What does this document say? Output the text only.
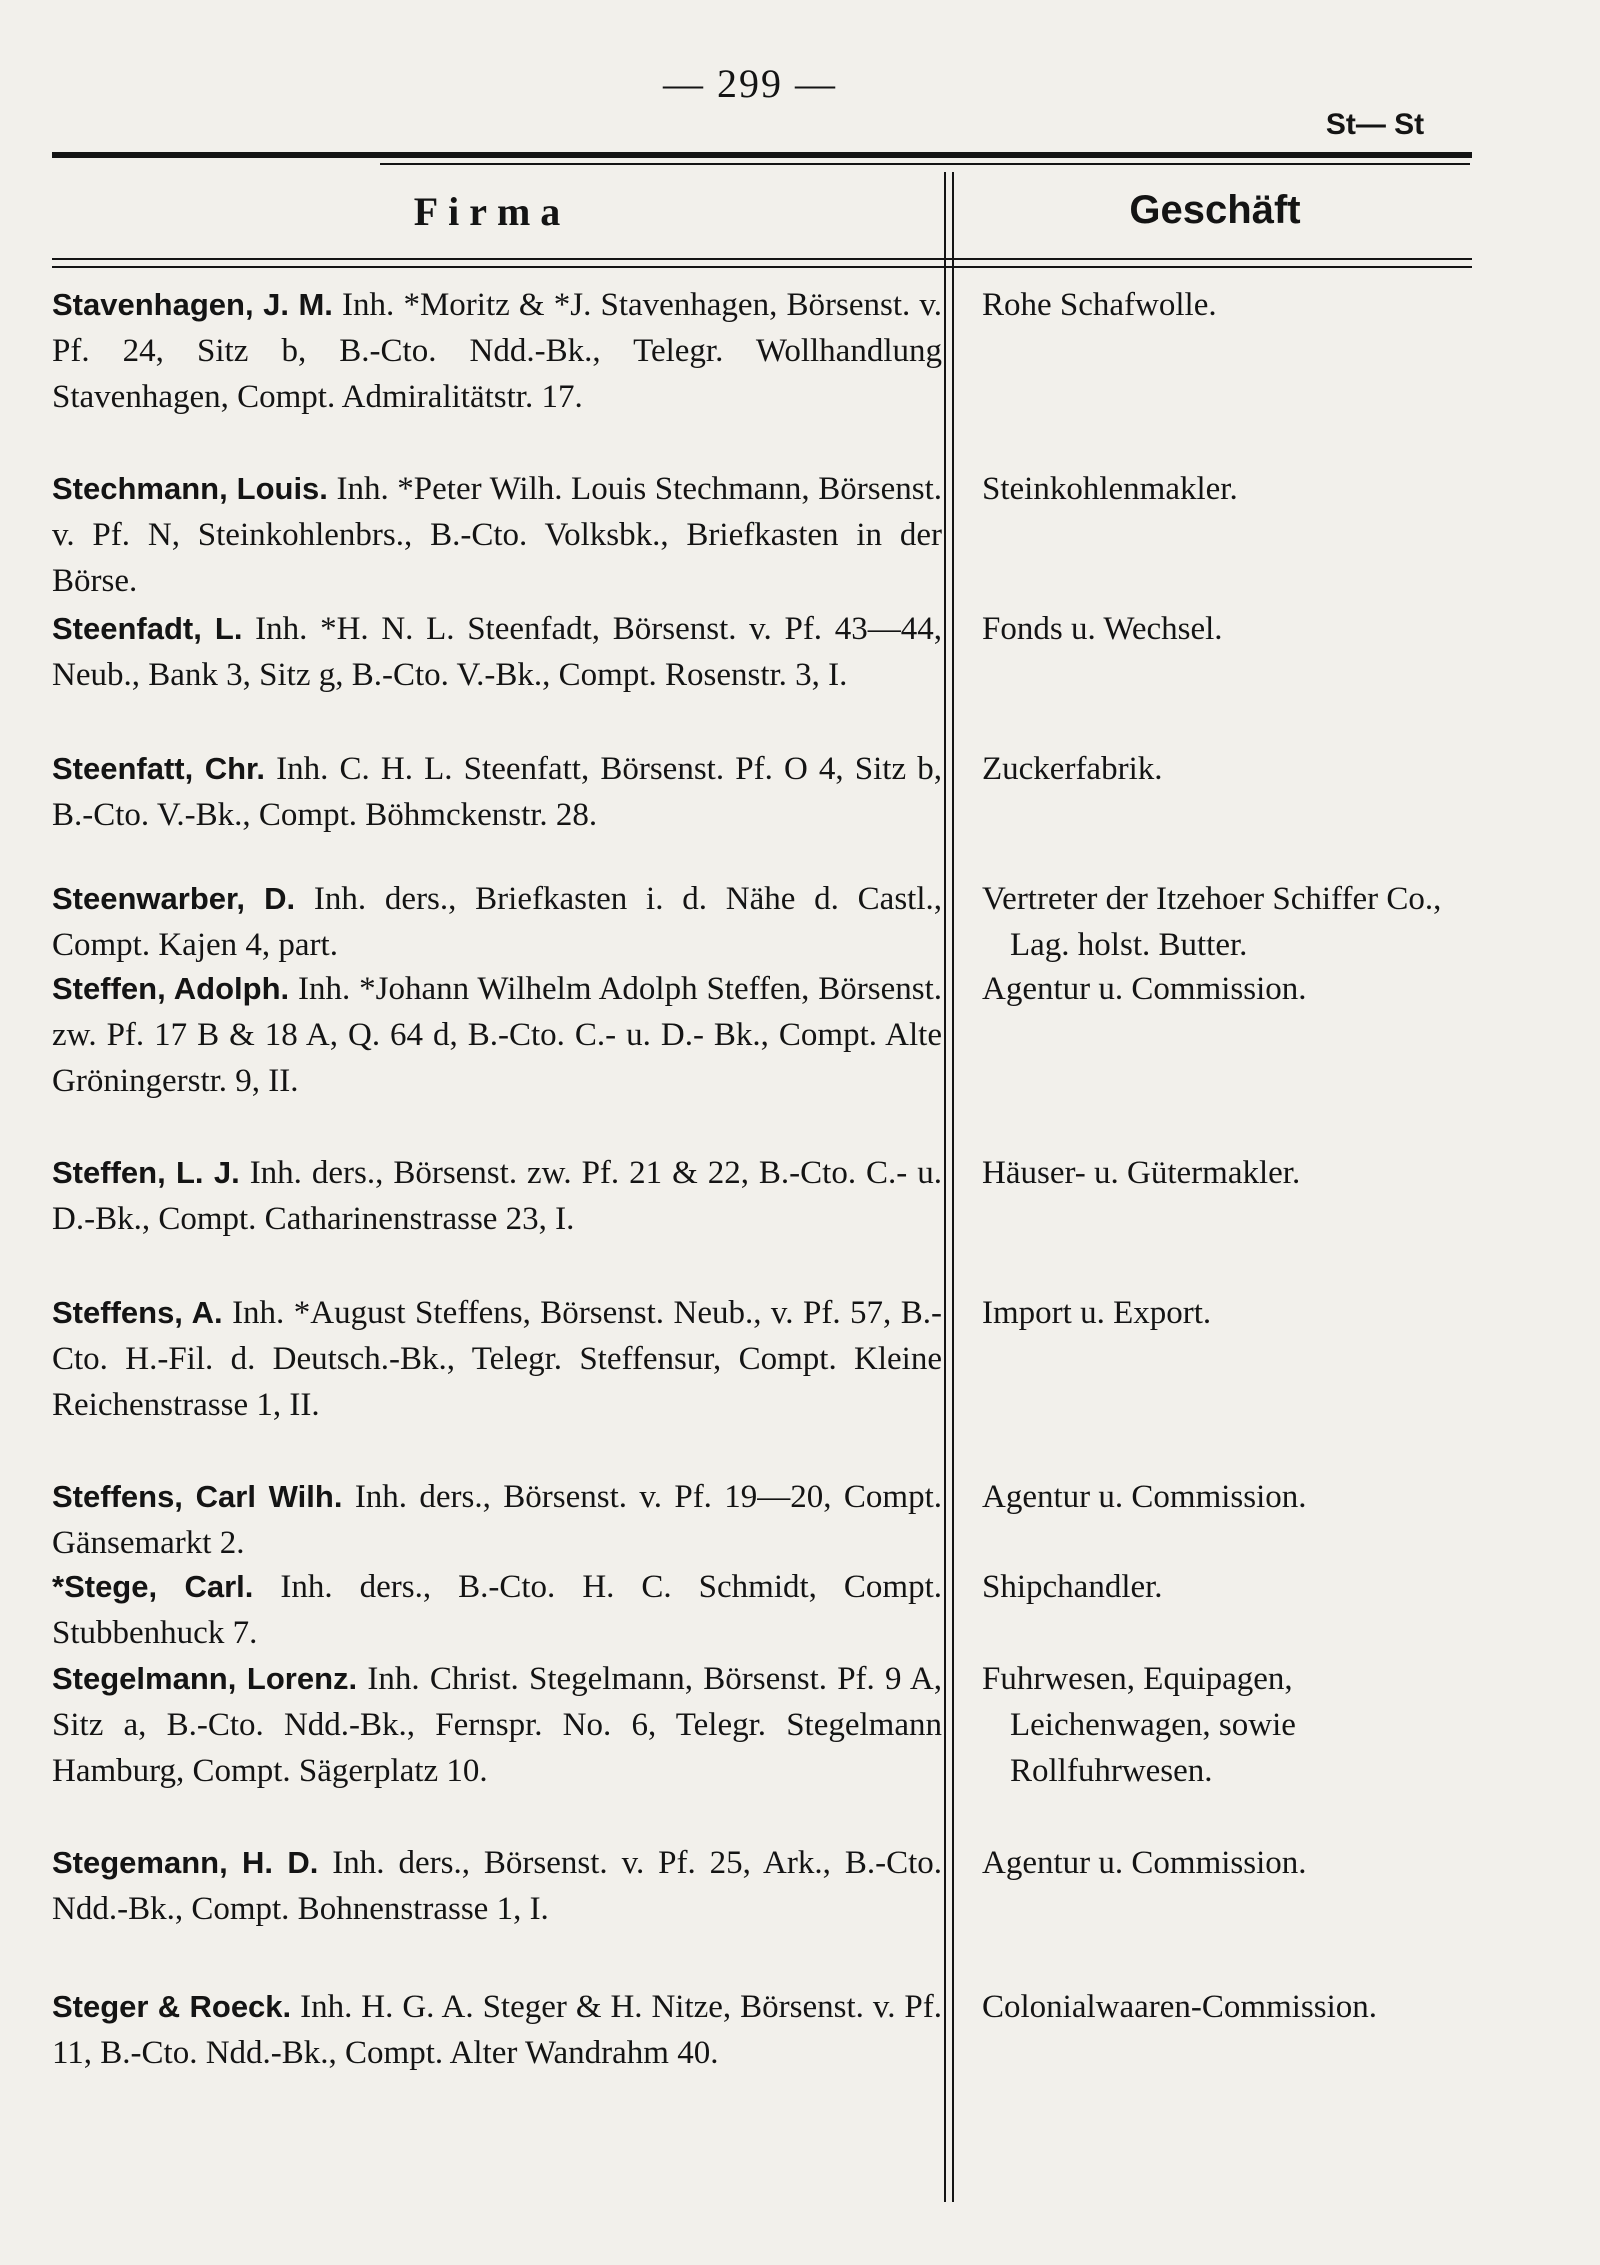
— 299 —
St— St
Firma	Geschäft
Stavenhagen, J. M. Inh. *Moritz & *J. Stavenhagen, Börsenst. v. Pf. 24, Sitz b, B.-Cto. Ndd.-Bk., Telegr. Wollhandlung Stavenhagen, Compt. Admiralitätstr. 17.
Rohe Schafwolle.
Stechmann, Louis. Inh. *Peter Wilh. Louis Stechmann, Börsenst. v. Pf. N, Steinkohlenbrs., B.-Cto. Volksbk., Briefkasten in der Börse.
Steinkohlenmakler.
Steenfadt, L. Inh. *H. N. L. Steenfadt, Börsenst. v. Pf. 43—44, Neub., Bank 3, Sitz g, B.-Cto. V.-Bk., Compt. Rosenstr. 3, I.
Fonds u. Wechsel.
Steenfatt, Chr. Inh. C. H. L. Steenfatt, Börsenst. Pf. O 4, Sitz b, B.-Cto. V.-Bk., Compt. Böhmckenstr. 28.
Zuckerfabrik.
Steenwarber, D. Inh. ders., Briefkasten i. d. Nähe d. Castl., Compt. Kajen 4, part.
Vertreter der Itzehoer Schiffer Co., Lag. holst. Butter.
Steffen, Adolph. Inh. *Johann Wilhelm Adolph Steffen, Börsenst. zw. Pf. 17 B & 18 A, Q. 64 d, B.-Cto. C.- u. D.- Bk., Compt. Alte Gröningerstr. 9, II.
Agentur u. Commission.
Steffen, L. J. Inh. ders., Börsenst. zw. Pf. 21 & 22, B.-Cto. C.- u. D.-Bk., Compt. Catharinenstrasse 23, I.
Häuser- u. Gütermakler.
Steffens, A. Inh. *August Steffens, Börsenst. Neub., v. Pf. 57, B.-Cto. H.-Fil. d. Deutsch.-Bk., Telegr. Steffensur, Compt. Kleine Reichenstrasse 1, II.
Import u. Export.
Steffens, Carl Wilh. Inh. ders., Börsenst. v. Pf. 19—20, Compt. Gänsemarkt 2.
Agentur u. Commission.
*Stege, Carl. Inh. ders., B.-Cto. H. C. Schmidt, Compt. Stubbenhuck 7.
Shipchandler.
Stegelmann, Lorenz. Inh. Christ. Stegelmann, Börsenst. Pf. 9 A, Sitz a, B.-Cto. Ndd.-Bk., Fernspr. No. 6, Telegr. Stegelmann Hamburg, Compt. Sägerplatz 10.
Fuhrwesen, Equipagen, Leichenwagen, sowie Rollfuhrwesen.
Stegemann, H. D. Inh. ders., Börsenst. v. Pf. 25, Ark., B.-Cto. Ndd.-Bk., Compt. Bohnenstrasse 1, I.
Agentur u. Commission.
Steger & Roeck. Inh. H. G. A. Steger & H. Nitze, Börsenst. v. Pf. 11, B.-Cto. Ndd.-Bk., Compt. Alter Wandrahm 40.
Colonialwaaren-Commission.
